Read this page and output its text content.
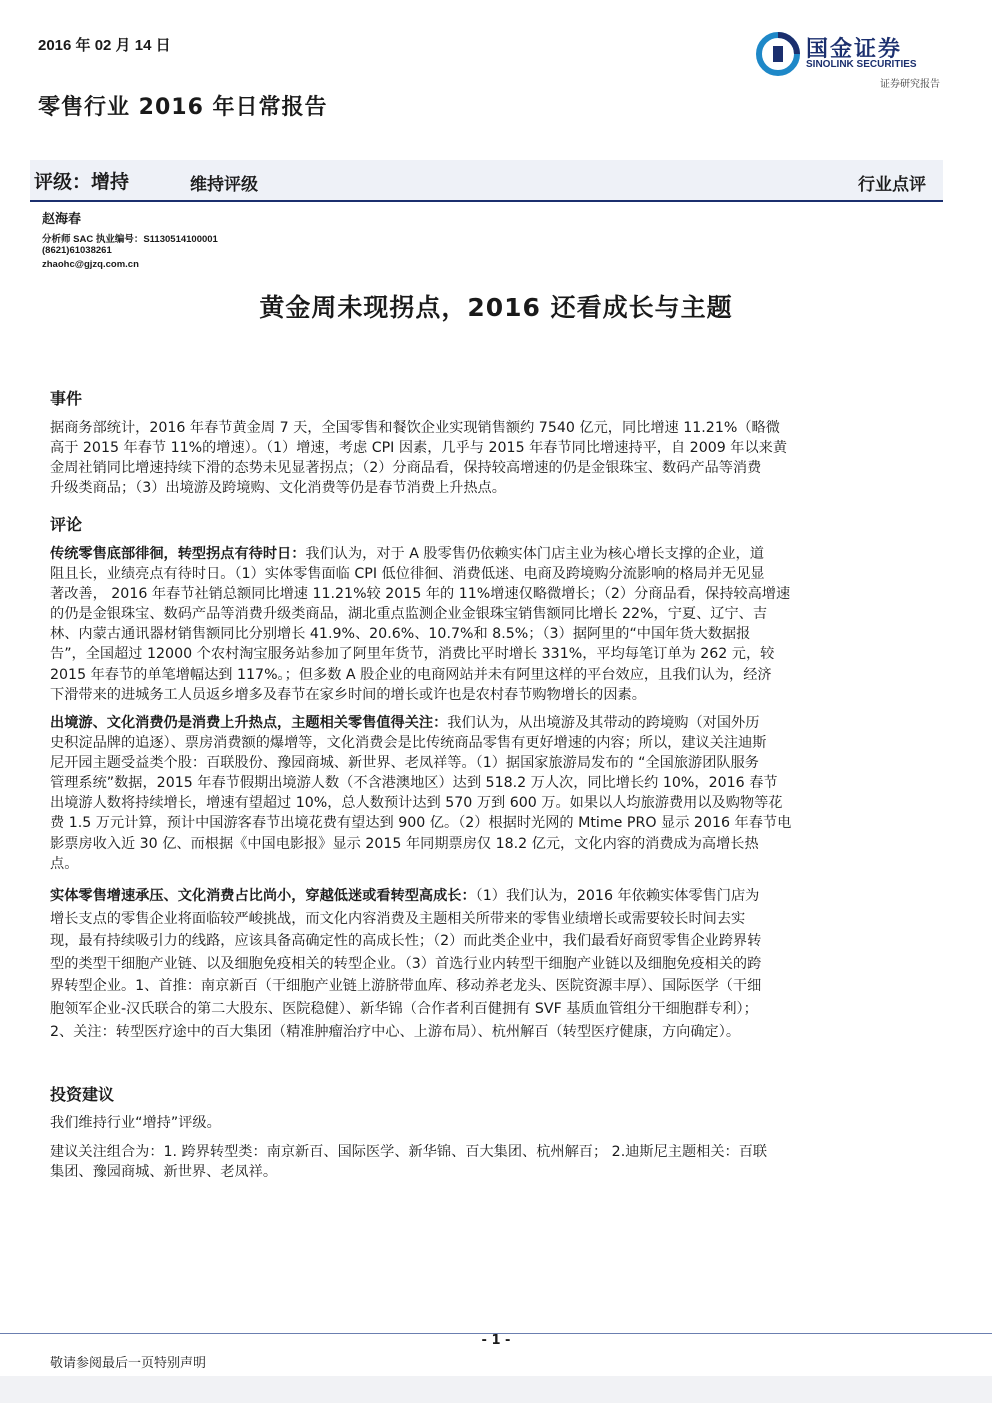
2016 年 02 月 14 日	国金证券
SINOLINK SECURITIES
证券研究报告
零售行业 2016 年日常报告
评级：增持	维持评级	行业点评
赵海春
分析师 SAC 执业编号：S1130514100001
(8621)61038261
zhaohc@gjzq.com.cn
黄金周未现拐点，2016 还看成长与主题
事件

据商务部统计，2016 年春节黄金周 7 天，全国零售和餐饮企业实现销售额约 7540 亿元，同比增速 11.21%（略微
高于 2015 年春节 11%的增速）。（1）增速，考虑 CPI 因素，几乎与 2015 年春节同比增速持平，自 2009 年以来黄
金周社销同比增速持续下滑的态势未见显著拐点；（2）分商品看，保持较高增速的仍是金银珠宝、数码产品等消费
升级类商品；（3）出境游及跨境购、文化消费等仍是春节消费上升热点。

评论

传统零售底部徘徊，转型拐点有待时日：我们认为，对于 A 股零售仍依赖实体门店主业为核心增长支撑的企业，道
阻且长，业绩亮点有待时日。（1）实体零售面临 CPI 低位徘徊、消费低迷、电商及跨境购分流影响的格局并无见显
著改善， 2016 年春节社销总额同比增速 11.21%较 2015 年的 11%增速仅略微增长；（2）分商品看，保持较高增速
的仍是金银珠宝、数码产品等消费升级类商品，湖北重点监测企业金银珠宝销售额同比增长 22%，宁夏、辽宁、吉
林、内蒙古通讯器材销售额同比分别增长 41.9%、20.6%、10.7%和 8.5%；（3）据阿里的“中国年货大数据报
告”，全国超过 12000 个农村淘宝服务站参加了阿里年货节，消费比平时增长 331%，平均每笔订单为 262 元，较
2015 年春节的单笔增幅达到 117%。；但多数 A 股企业的电商网站并未有阿里这样的平台效应，且我们认为，经济
下滑带来的进城务工人员返乡增多及春节在家乡时间的增长或许也是农村春节购物增长的因素。

出境游、文化消费仍是消费上升热点，主题相关零售值得关注：我们认为，从出境游及其带动的跨境购（对国外历
史积淀品牌的追逐）、票房消费额的爆增等，文化消费会是比传统商品零售有更好增速的内容；所以，建议关注迪斯
尼开园主题受益类个股：百联股份、豫园商城、新世界、老凤祥等。（1）据国家旅游局发布的 “全国旅游团队服务
管理系统”数据，2015 年春节假期出境游人数（不含港澳地区）达到 518.2 万人次，同比增长约 10%，2016 春节
出境游人数将持续增长，增速有望超过 10%，总人数预计达到 570 万到 600 万。如果以人均旅游费用以及购物等花
费 1.5 万元计算，预计中国游客春节出境花费有望达到 900 亿。（2）根据时光网的 Mtime PRO 显示 2016 年春节电
影票房收入近 30 亿、而根据《中国电影报》显示 2015 年同期票房仅 18.2 亿元，文化内容的消费成为高增长热
点。

实体零售增速承压、文化消费占比尚小，穿越低迷或看转型高成长：（1）我们认为，2016 年依赖实体零售门店为
增长支点的零售企业将面临较严峻挑战，而文化内容消费及主题相关所带来的零售业绩增长或需要较长时间去实
现，最有持续吸引力的线路，应该具备高确定性的高成长性；（2）而此类企业中，我们最看好商贸零售企业跨界转
型的类型干细胞产业链、以及细胞免疫相关的转型企业。（3）首选行业内转型干细胞产业链以及细胞免疫相关的跨
界转型企业。1、首推：南京新百（干细胞产业链上游脐带血库、移动养老龙头、医院资源丰厚）、国际医学（干细
胞领军企业-汉氏联合的第二大股东、医院稳健）、新华锦（合作者利百健拥有 SVF 基质血管组分干细胞群专利）；
2、关注：转型医疗途中的百大集团（精准肿瘤治疗中心、上游布局）、杭州解百（转型医疗健康，方向确定）。

投资建议

我们维持行业“增持”评级。

建议关注组合为：1. 跨界转型类：南京新百、国际医学、新华锦、百大集团、杭州解百； 2.迪斯尼主题相关：百联
集团、豫园商城、新世界、老凤祥。

- 1 -
敬请参阅最后一页特别声明
